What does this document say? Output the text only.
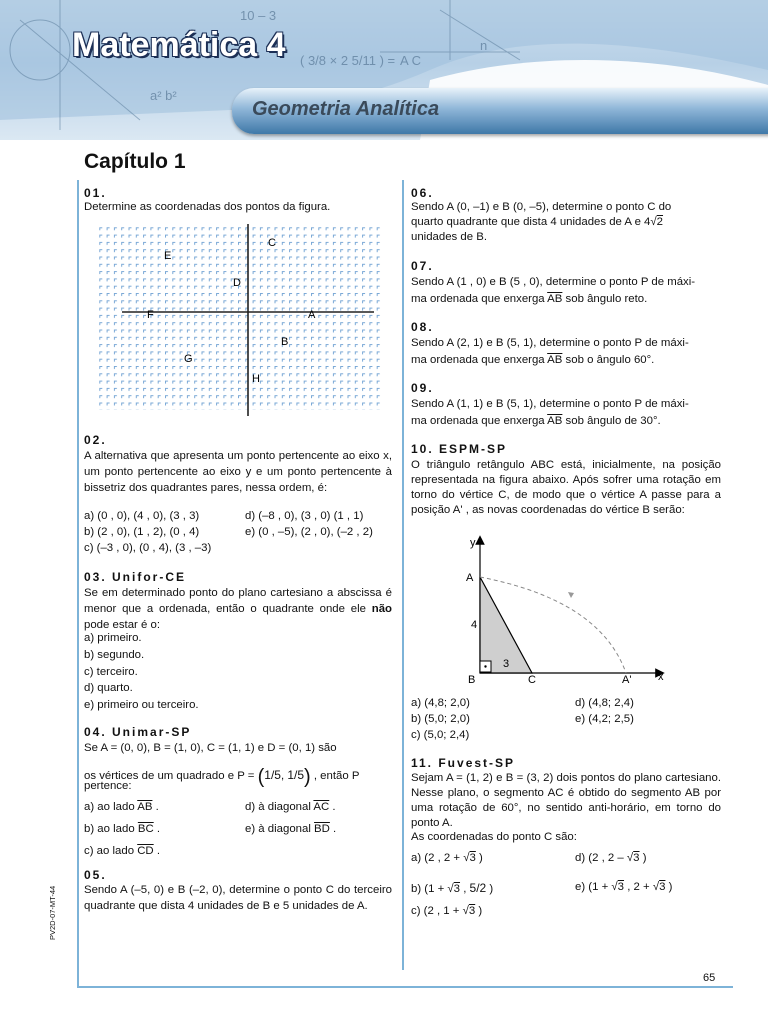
10 – 3
( 3/8 × 2 5/11 ) =
n
A C
a² b²
Matemática 4
Geometria Analítica
Capítulo 1
PV2D-07-MT-44
65
01.
Determine as coordenadas dos pontos da figura.
C
E
D
F	A
B
G
H
02.
A alternativa que apresenta um ponto pertencente ao eixo x, um ponto pertencente ao eixo y e um ponto pertencente à bissetriz dos quadrantes pares, nessa ordem, é:
a) (0 , 0), (4 , 0), (3 , 3)
b) (2 , 0), (1 , 2), (0 , 4)
c) (–3 , 0), (0 , 4), (3 , –3)
d) (–8 , 0), (3 , 0) (1 , 1)
e) (0 , –5), (2 , 0), (–2 , 2)
03. Unifor-CE
Se em determinado ponto do plano cartesiano a abscissa é menor que a ordenada, então o quadrante onde ele não pode estar é o:
a) primeiro.
b) segundo.
c) terceiro.
d) quarto.
e) primeiro ou terceiro.
04. Unimar-SP
Se A = (0, 0), B = (1, 0), C = (1, 1) e D = (0, 1) são
os vértices de um quadrado e P = (1/5, 1/5) , então P
pertence:
a) ao lado $\overline{AB}$ .
b) ao lado $\overline{BC}$ .
c) ao lado $\overline{CD}$ .
d) à diagonal $\overline{AC}$ .
e) à diagonal $\overline{BD}$ .
05.
Sendo A (–5, 0) e B (–2, 0), determine o ponto C do terceiro quadrante que dista 4 unidades de B e 5 unidades de A.
06.
Sendo A (0, –1) e B (0, –5), determine o ponto C do
quarto quadrante que dista 4 unidades de A e 4√2
unidades de B.
07.
Sendo A (1 , 0) e B (5 , 0), determine o ponto P de máxi-
ma ordenada que enxerga $\overline{AB}$ sob ângulo reto.
08.
Sendo A (2, 1) e B (5, 1), determine o ponto P de máxi-
ma ordenada que enxerga $\overline{AB}$ sob o ângulo 60°.
09.
Sendo A (1, 1) e B (5, 1), determine o ponto P de máxi-
ma ordenada que enxerga $\overline{AB}$ sob ângulo de 30°.
10. ESPM-SP
O triângulo retângulo ABC está, inicialmente, na posição representada na figura abaixo. Após sofrer uma rotação em torno do vértice C, de modo que o vértice A passe para a posição A' , as novas coordenadas do vértice B serão:
y
x
A
B	C	A'
4
3
a) (4,8; 2,0)
b) (5,0; 2,0)
c) (5,0; 2,4)
d) (4,8; 2,4)
e) (4,2; 2,5)
11. Fuvest-SP
Sejam A = (1, 2) e B = (3, 2) dois pontos do plano cartesiano. Nesse plano, o segmento AC é obtido do segmento AB por uma rotação de 60°, no sentido anti-horário, em torno do ponto A.
As coordenadas do ponto C são:
a) (2 , 2 + √3 )
b) (1 + √3 , 5/2 )
c) (2 , 1 + √3 )
d) (2 , 2 – √3 )
e) (1 + √3 , 2 + √3 )
